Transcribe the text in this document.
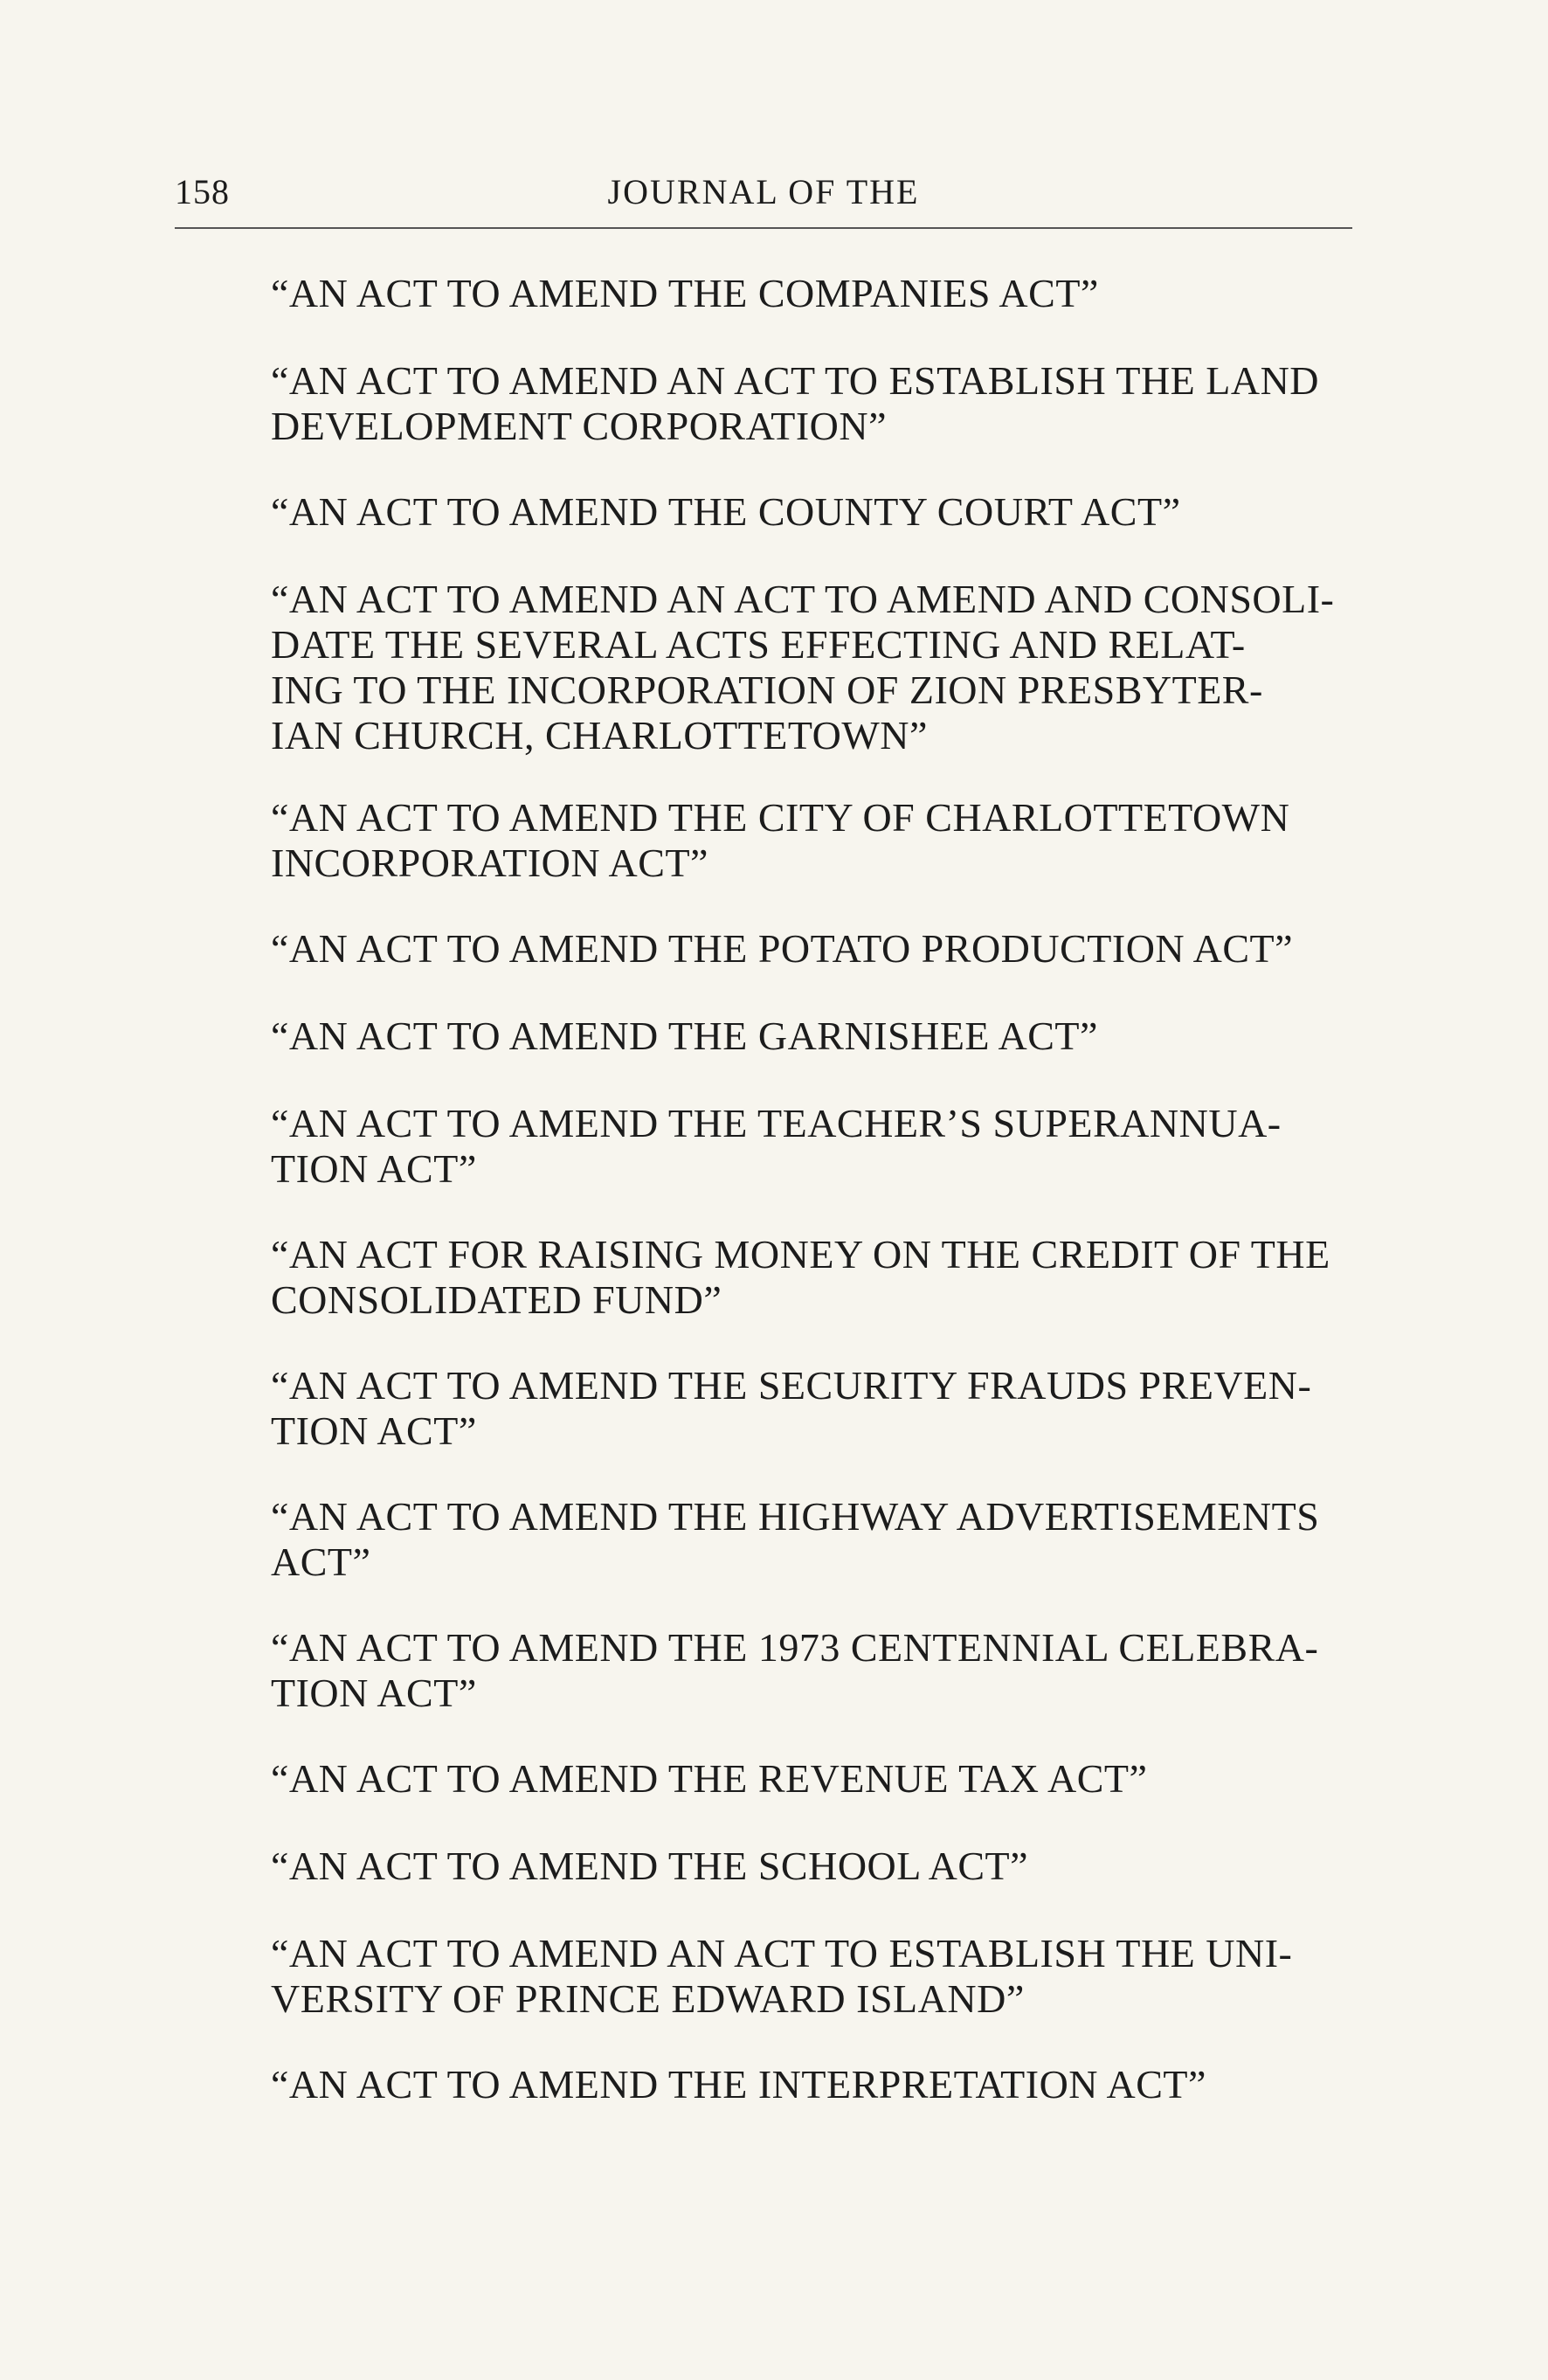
158	JOURNAL OF THE
“AN ACT TO AMEND THE COMPANIES ACT”
“AN ACT TO AMEND AN ACT TO ESTABLISH THE LAND
DEVELOPMENT CORPORATION”
“AN ACT TO AMEND THE COUNTY COURT ACT”
“AN ACT TO AMEND AN ACT TO AMEND AND CONSOLI-
DATE THE SEVERAL ACTS EFFECTING AND RELAT-
ING TO THE INCORPORATION OF ZION PRESBYTER-
IAN CHURCH, CHARLOTTETOWN”
“AN ACT TO AMEND THE CITY OF CHARLOTTETOWN
INCORPORATION ACT”
“AN ACT TO AMEND THE POTATO PRODUCTION ACT”
“AN ACT TO AMEND THE GARNISHEE ACT”
“AN ACT TO AMEND THE TEACHER’S SUPERANNUA-
TION ACT”
“AN ACT FOR RAISING MONEY ON THE CREDIT OF THE
CONSOLIDATED FUND”
“AN ACT TO AMEND THE SECURITY FRAUDS PREVEN-
TION ACT”
“AN ACT TO AMEND THE HIGHWAY ADVERTISEMENTS
ACT”
“AN ACT TO AMEND THE 1973 CENTENNIAL CELEBRA-
TION ACT”
“AN ACT TO AMEND THE REVENUE TAX ACT”
“AN ACT TO AMEND THE SCHOOL ACT”
“AN ACT TO AMEND AN ACT TO ESTABLISH THE UNI-
VERSITY OF PRINCE EDWARD ISLAND”
“AN ACT TO AMEND THE INTERPRETATION ACT”
